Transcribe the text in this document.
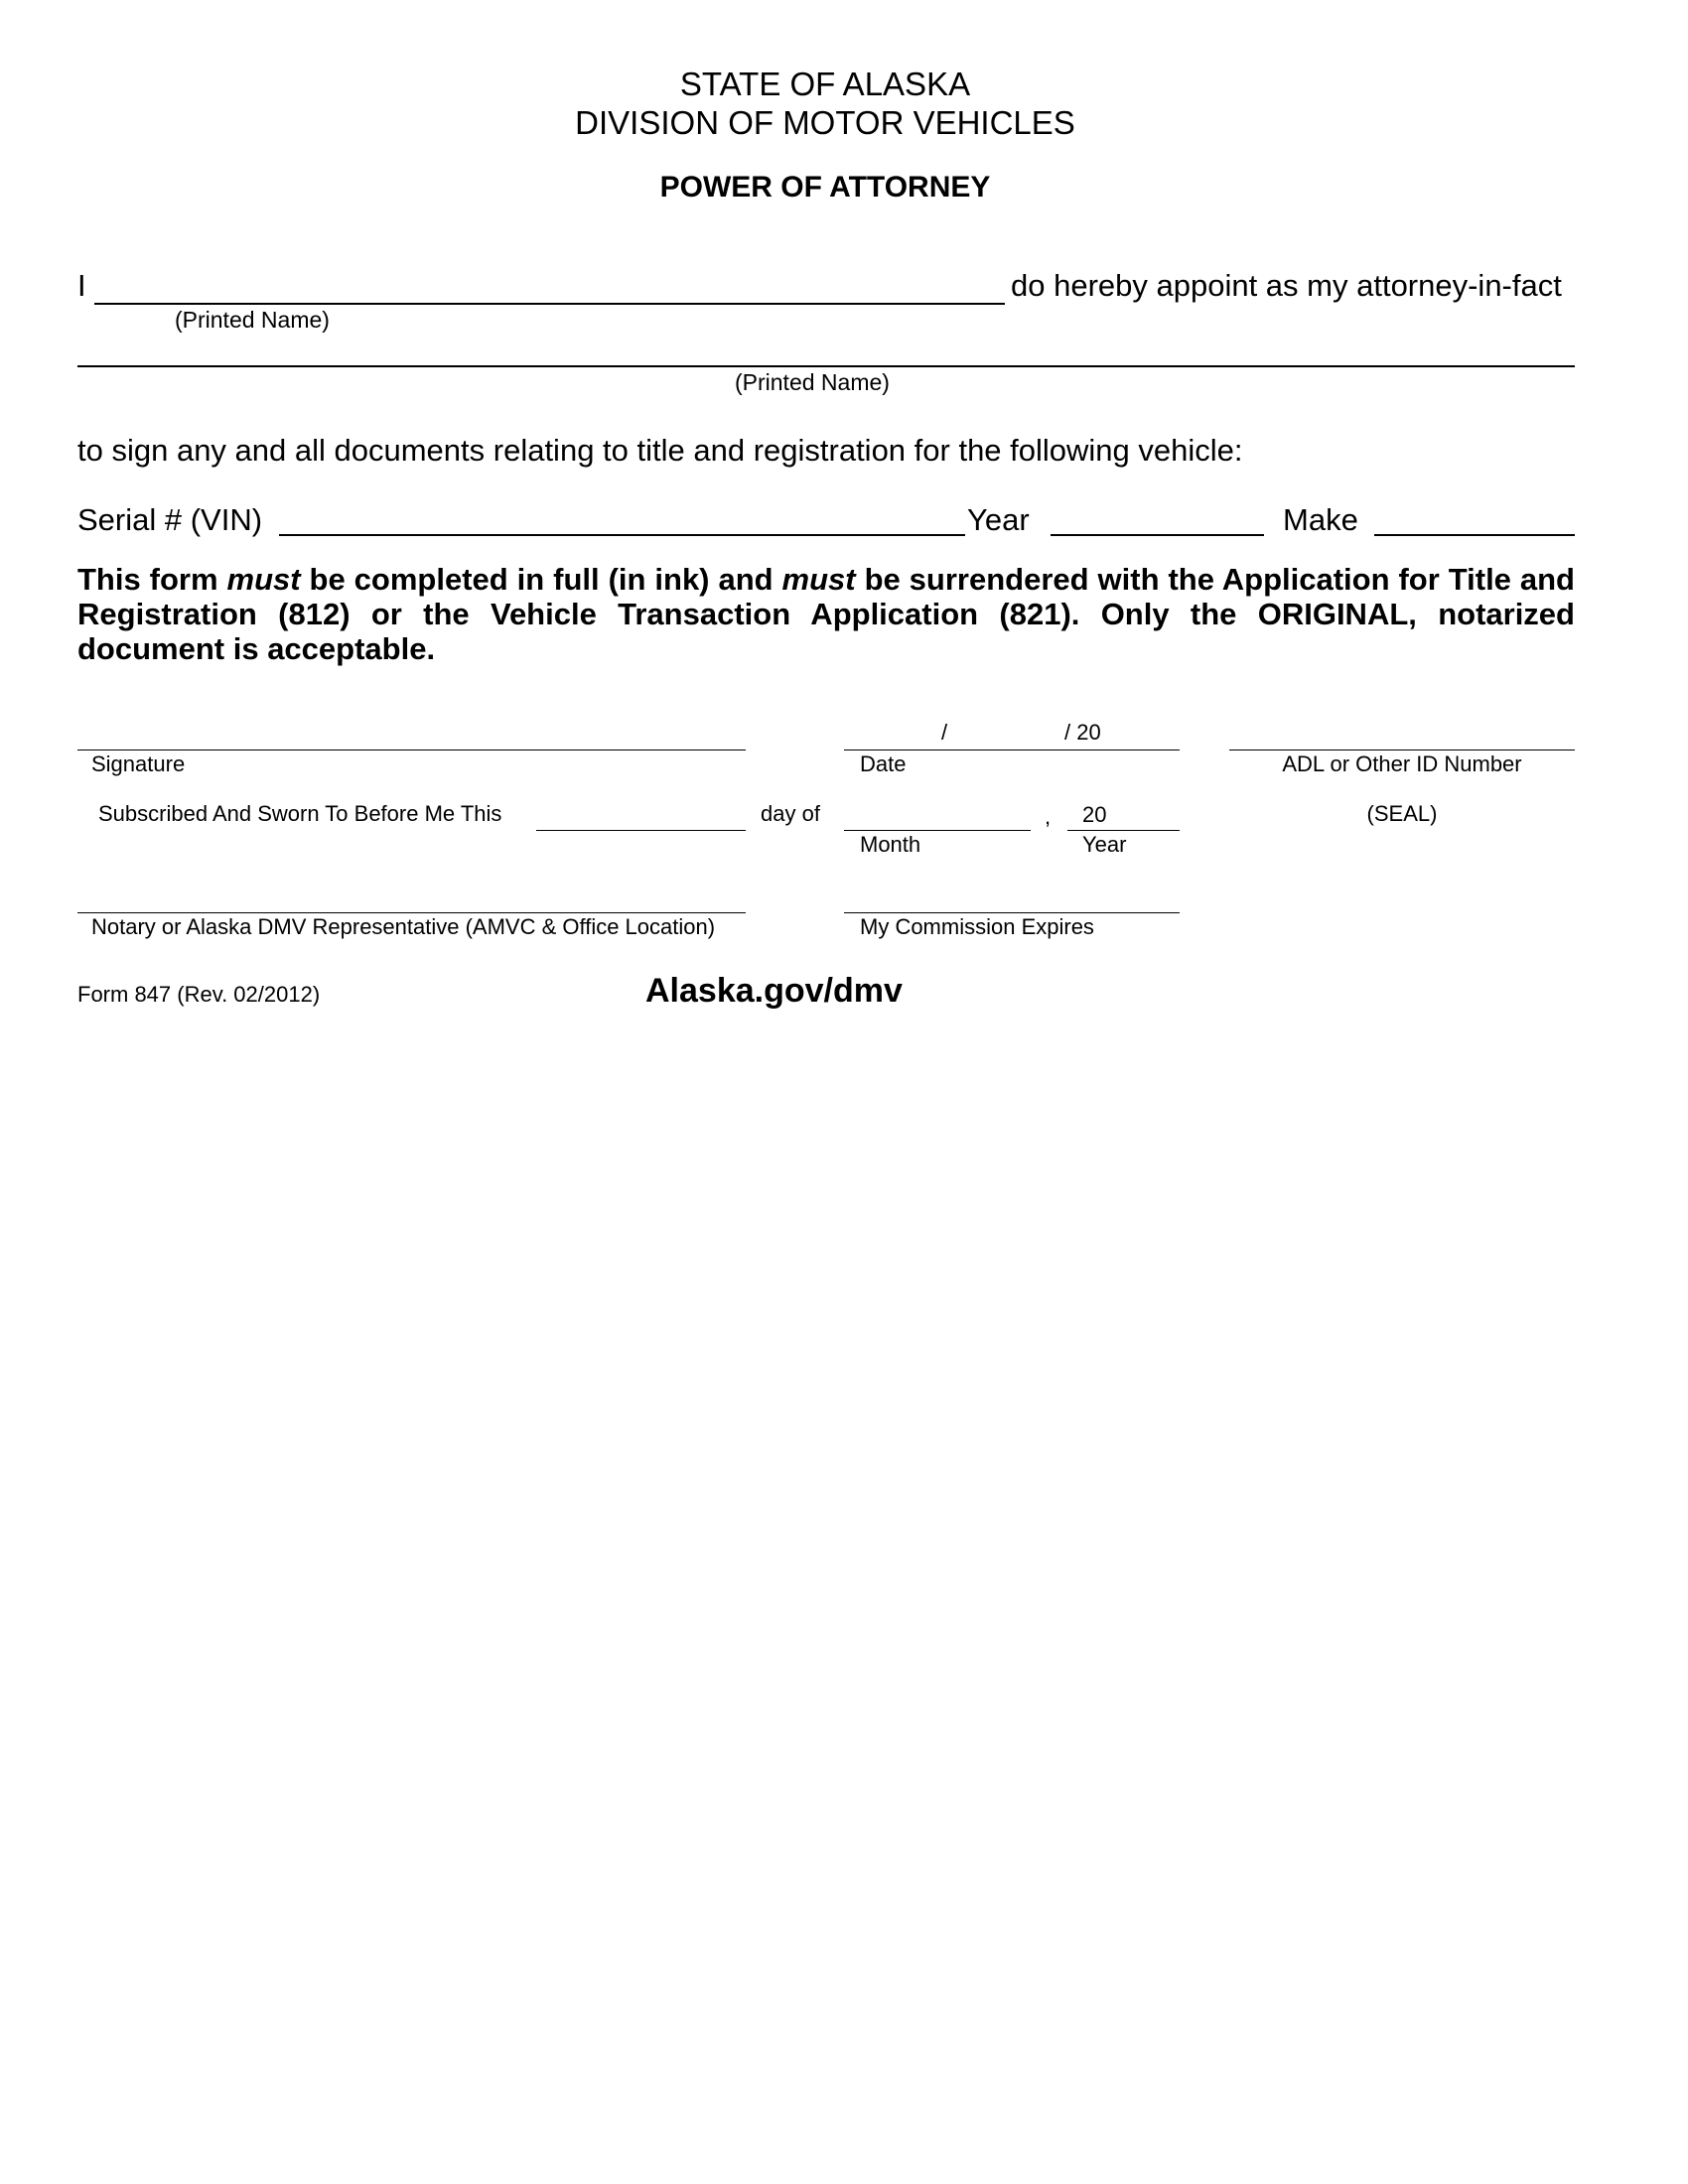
STATE OF ALASKA
DIVISION OF MOTOR VEHICLES
POWER OF ATTORNEY
I	do hereby appoint as my attorney-in-fact
(Printed Name)
(Printed Name)
to sign any and all documents relating to title and registration for the following vehicle:
Serial # (VIN)	Year	Make
This form must be completed in full (in ink) and must be surrendered with the Application for Title and Registration (812) or the Vehicle Transaction Application (821). Only the ORIGINAL, notarized document is acceptable.
Signature
/	/ 20
Date	ADL or Other ID Number
Subscribed And Sworn To Before Me This	day of	, 20
Month	Year
(SEAL)
Notary or Alaska DMV Representative (AMVC & Office Location)	My Commission Expires
Form 847 (Rev. 02/2012)	Alaska.gov/dmv
